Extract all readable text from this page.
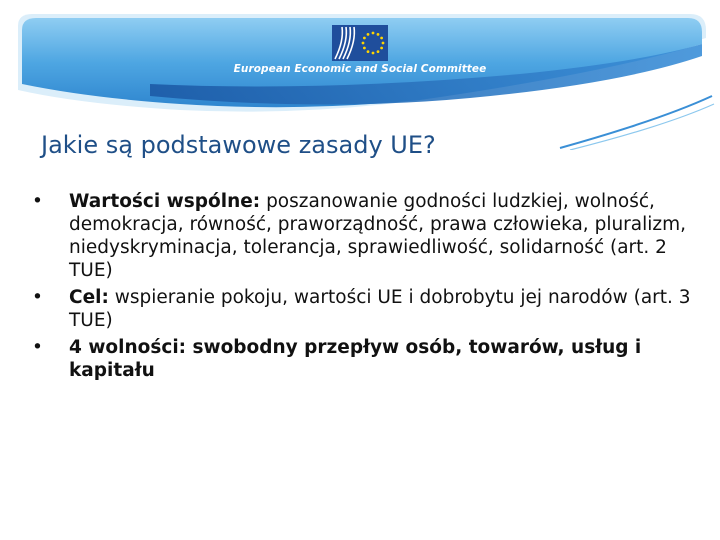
European Economic and Social Committee
Jakie są podstawowe zasady UE?
• Wartości wspólne: poszanowanie godności ludzkiej, wolność, demokracja, równość, praworządność, prawa człowieka, pluralizm, niedyskryminacja, tolerancja, sprawiedliwość, solidarność (art. 2 TUE)
• Cel: wspieranie pokoju, wartości UE i dobrobytu jej narodów (art. 3 TUE)
• 4 wolności: swobodny przepływ osób, towarów, usług i kapitału
